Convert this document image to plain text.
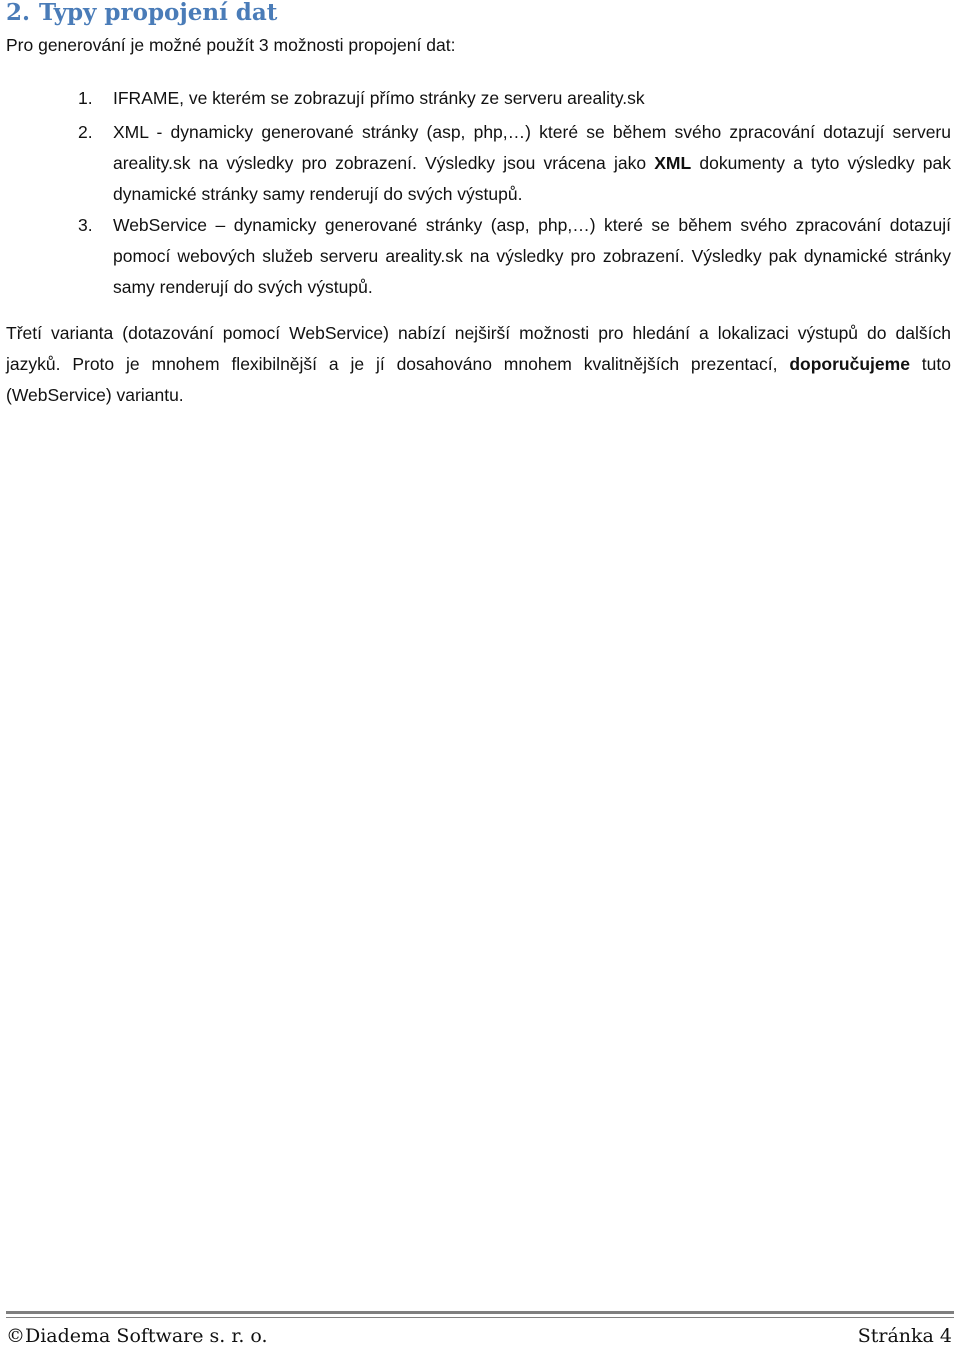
2. Typy propojení dat

Pro generování je možné použít 3 možnosti propojení dat:

1. IFRAME, ve kterém se zobrazují přímo stránky ze serveru areality.sk
2. XML - dynamicky generované stránky (asp, php,…) které se během svého zpracování dotazují serveru areality.sk na výsledky pro zobrazení. Výsledky jsou vrácena jako XML dokumenty a tyto výsledky pak dynamické stránky samy renderují do svých výstupů.
3. WebService – dynamicky generované stránky (asp, php,…) které se během svého zpracování dotazují pomocí webových služeb serveru areality.sk na výsledky pro zobrazení. Výsledky pak dynamické stránky samy renderují do svých výstupů.

Třetí varianta (dotazování pomocí WebService) nabízí nejširší možnosti pro hledání a lokalizaci výstupů do dalších jazyků. Proto je mnohem flexibilnější a je jí dosahováno mnohem kvalitnějších prezentací, doporučujeme tuto (WebService) variantu.

©Diadema Software s. r. o.	Stránka 4
